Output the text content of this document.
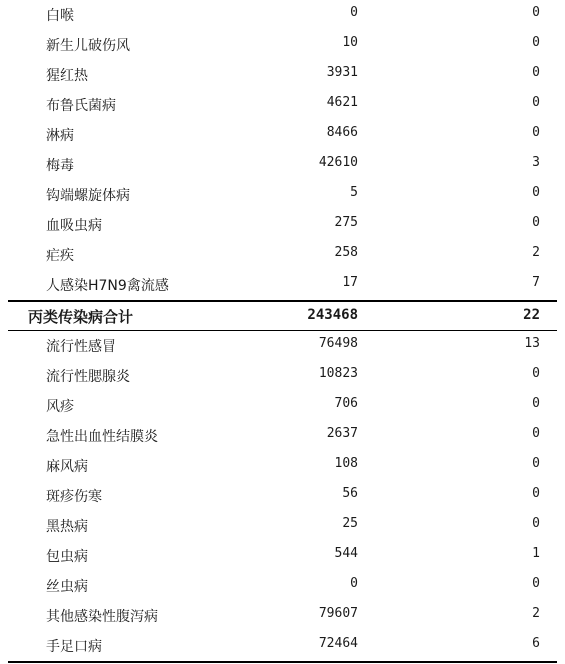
白喉	0	0
新生儿破伤风	10	0
猩红热	3931	0
布鲁氏菌病	4621	0
淋病	8466	0
梅毒	42610	3
钩端螺旋体病	5	0
血吸虫病	275	0
疟疾	258	2
人感染H7N9禽流感	17	7
丙类传染病合计	243468	22
流行性感冒	76498	13
流行性腮腺炎	10823	0
风疹	706	0
急性出血性结膜炎	2637	0
麻风病	108	0
斑疹伤寒	56	0
黑热病	25	0
包虫病	544	1
丝虫病	0	0
其他感染性腹泻病	79607	2
手足口病	72464	6
